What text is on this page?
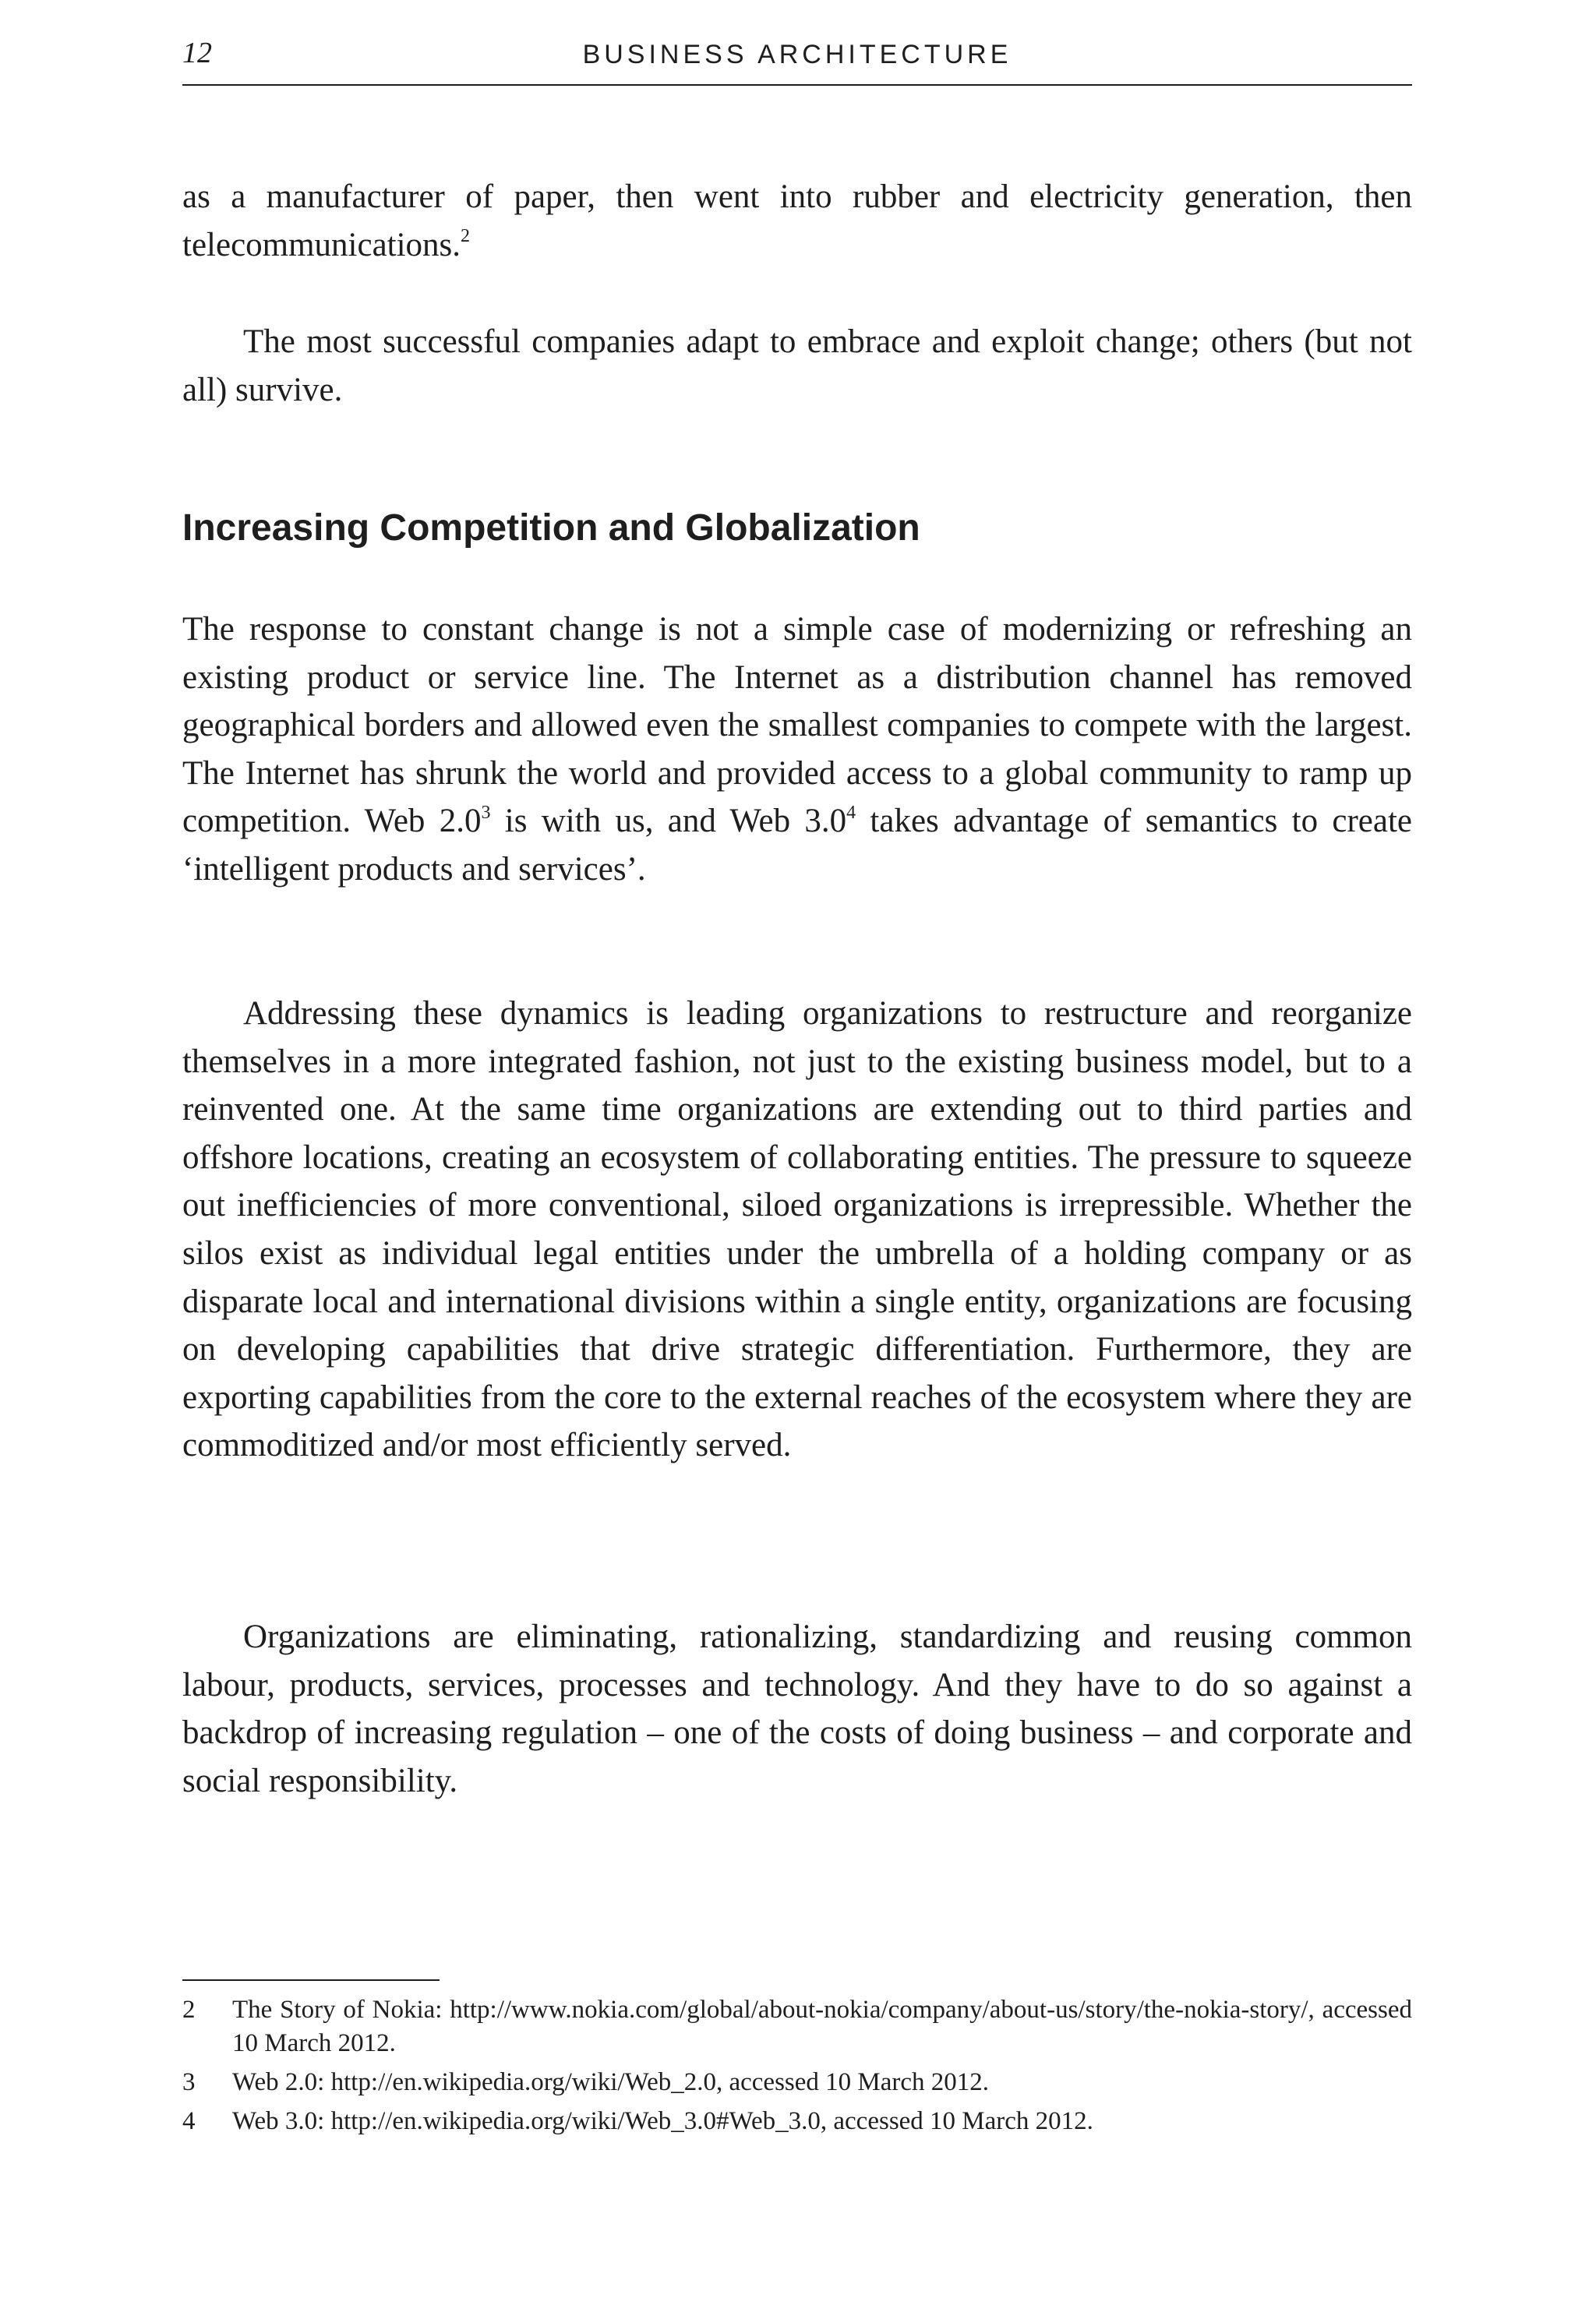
12	BUSINESS ARCHITECTURE

as a manufacturer of paper, then went into rubber and electricity generation, then telecommunications.$^2$

The most successful companies adapt to embrace and exploit change; others (but not all) survive.

Increasing Competition and Globalization

The response to constant change is not a simple case of modernizing or refreshing an existing product or service line. The Internet as a distribution channel has removed geographical borders and allowed even the smallest companies to compete with the largest. The Internet has shrunk the world and provided access to a global community to ramp up competition. Web $2.0^3$ is with us, and Web $3.0^4$ takes advantage of semantics to create ‘intelligent products and services’.

Addressing these dynamics is leading organizations to restructure and reorganize themselves in a more integrated fashion, not just to the existing business model, but to a reinvented one. At the same time organizations are extending out to third parties and offshore locations, creating an ecosystem of collaborating entities. The pressure to squeeze out inefficiencies of more conventional, siloed organizations is irrepressible. Whether the silos exist as individual legal entities under the umbrella of a holding company or as disparate local and international divisions within a single entity, organizations are focusing on developing capabilities that drive strategic differentiation. Furthermore, they are exporting capabilities from the core to the external reaches of the ecosystem where they are commoditized and/or most efficiently served.

Organizations are eliminating, rationalizing, standardizing and reusing common labour, products, services, processes and technology. And they have to do so against a backdrop of increasing regulation – one of the costs of doing business – and corporate and social responsibility.

2	The Story of Nokia: http://www.nokia.com/global/about-nokia/company/about-us/story/the-nokia-story/, accessed 10 March 2012.
3	Web 2.0: http://en.wikipedia.org/wiki/Web_2.0, accessed 10 March 2012.
4	Web 3.0: http://en.wikipedia.org/wiki/Web_3.0#Web_3.0, accessed 10 March 2012.
